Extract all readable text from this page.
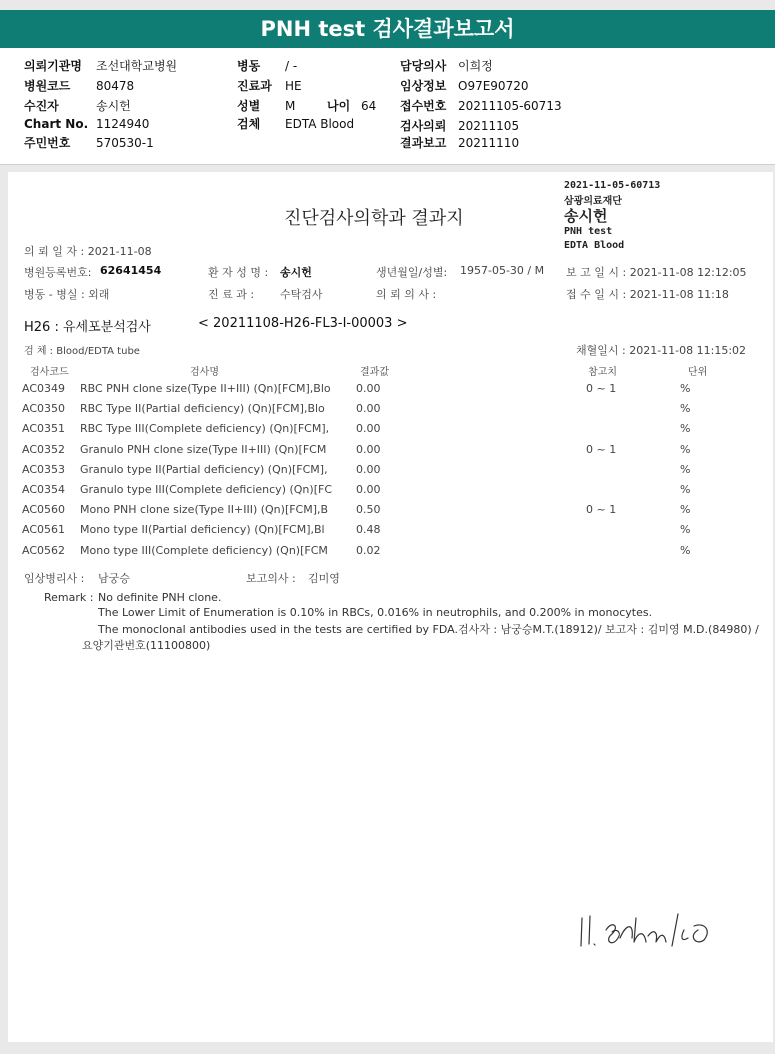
PNH test 검사결과보고서
의뢰기관명 조선대학교병원
병원코드 80478
수진자	송시헌
Chart No. 1124940
주민번호 570530-1
병동 / -
진료과 HE
성별 M	나이 64
검체 EDTA Blood
담당의사 이희정
임상정보 O97E90720
접수번호 20211105-60713
검사의뢰 20211105
결과보고 20211110
2021-11-05-60713
삼광의료재단
송시헌
PNH test
EDTA Blood
진단검사의학과 결과지
의 뢰 일 자 : 2021-11-08
병원등록번호: 62641454	환 자 성 명 : 송시헌	생년월일/성별: 1957-05-30 / M 보 고 일 시 : 2021-11-08 12:12:05
병동 - 병실 : 외래	진 료 과 : 수탁검사	의 뢰 의 사 :	접 수 일 시 : 2021-11-08 11:18
H26 : 유세포분석검사	< 20211108-H26-FL3-I-00003 >
검 체 : Blood/EDTA tube	채혈일시 : 2021-11-08 11:15:02
검사코드	검사명	결과값	참고치	단위
AC0349 RBC PNH clone size(Type II+III) (Qn)[FCM],Blo 0.00	0 ~ 1	%
AC0350 RBC Type II(Partial deficiency) (Qn)[FCM],Blo	0.00	%
AC0351 RBC Type III(Complete deficiency) (Qn)[FCM], 0.00	%
AC0352 Granulo PNH clone size(Type II+III) (Qn)[FCM	0.00	0 ~ 1	%
AC0353 Granulo type II(Partial deficiency) (Qn)[FCM],	0.00	%
AC0354 Granulo type III(Complete deficiency) (Qn)[FC 0.00	%
AC0560 Mono PNH clone size(Type II+III) (Qn)[FCM],B	0.50	0 ~ 1	%
AC0561 Mono type II(Partial deficiency) (Qn)[FCM],Bl	0.48	%
AC0562 Mono type III(Complete deficiency) (Qn)[FCM	0.02	%
임상병리사 : 남궁승	보고의사 : 김미영
Remark : No definite PNH clone.
The Lower Limit of Enumeration is 0.10% in RBCs, 0.016% in neutrophils, and 0.200% in monocytes.
The monoclonal antibodies used in the tests are certified by FDA.검사자 : 남궁승M.T.(18912)/ 보고자 : 김미영 M.D.(84980) /
요양기관번호(11100800)
